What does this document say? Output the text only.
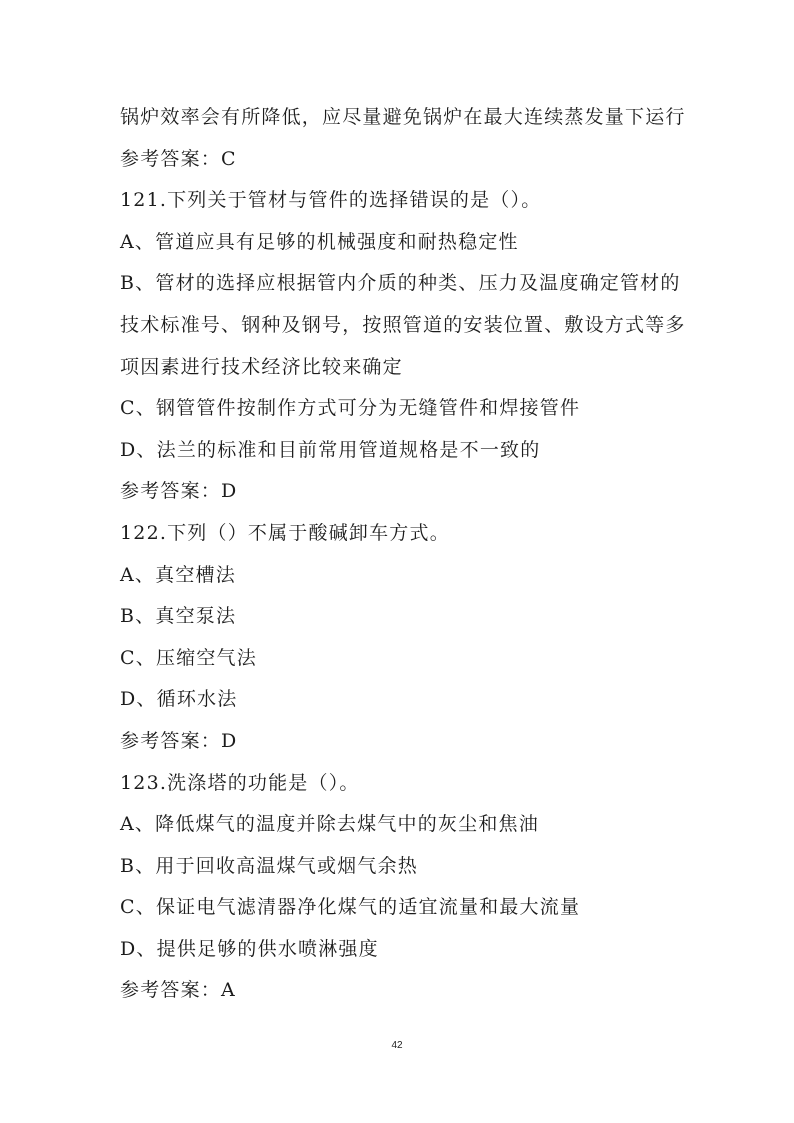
锅炉效率会有所降低，应尽量避免锅炉在最大连续蒸发量下运行
参考答案：C
121.下列关于管材与管件的选择错误的是（）。
A、管道应具有足够的机械强度和耐热稳定性
B、管材的选择应根据管内介质的种类、压力及温度确定管材的
技术标准号、钢种及钢号，按照管道的安装位置、敷设方式等多
项因素进行技术经济比较来确定
C、钢管管件按制作方式可分为无缝管件和焊接管件
D、法兰的标准和目前常用管道规格是不一致的
参考答案：D
122.下列（）不属于酸碱卸车方式。
A、真空槽法
B、真空泵法
C、压缩空气法
D、循环水法
参考答案：D
123.洗涤塔的功能是（）。
A、降低煤气的温度并除去煤气中的灰尘和焦油
B、用于回收高温煤气或烟气余热
C、保证电气滤清器净化煤气的适宜流量和最大流量
D、提供足够的供水喷淋强度
参考答案：A
42
